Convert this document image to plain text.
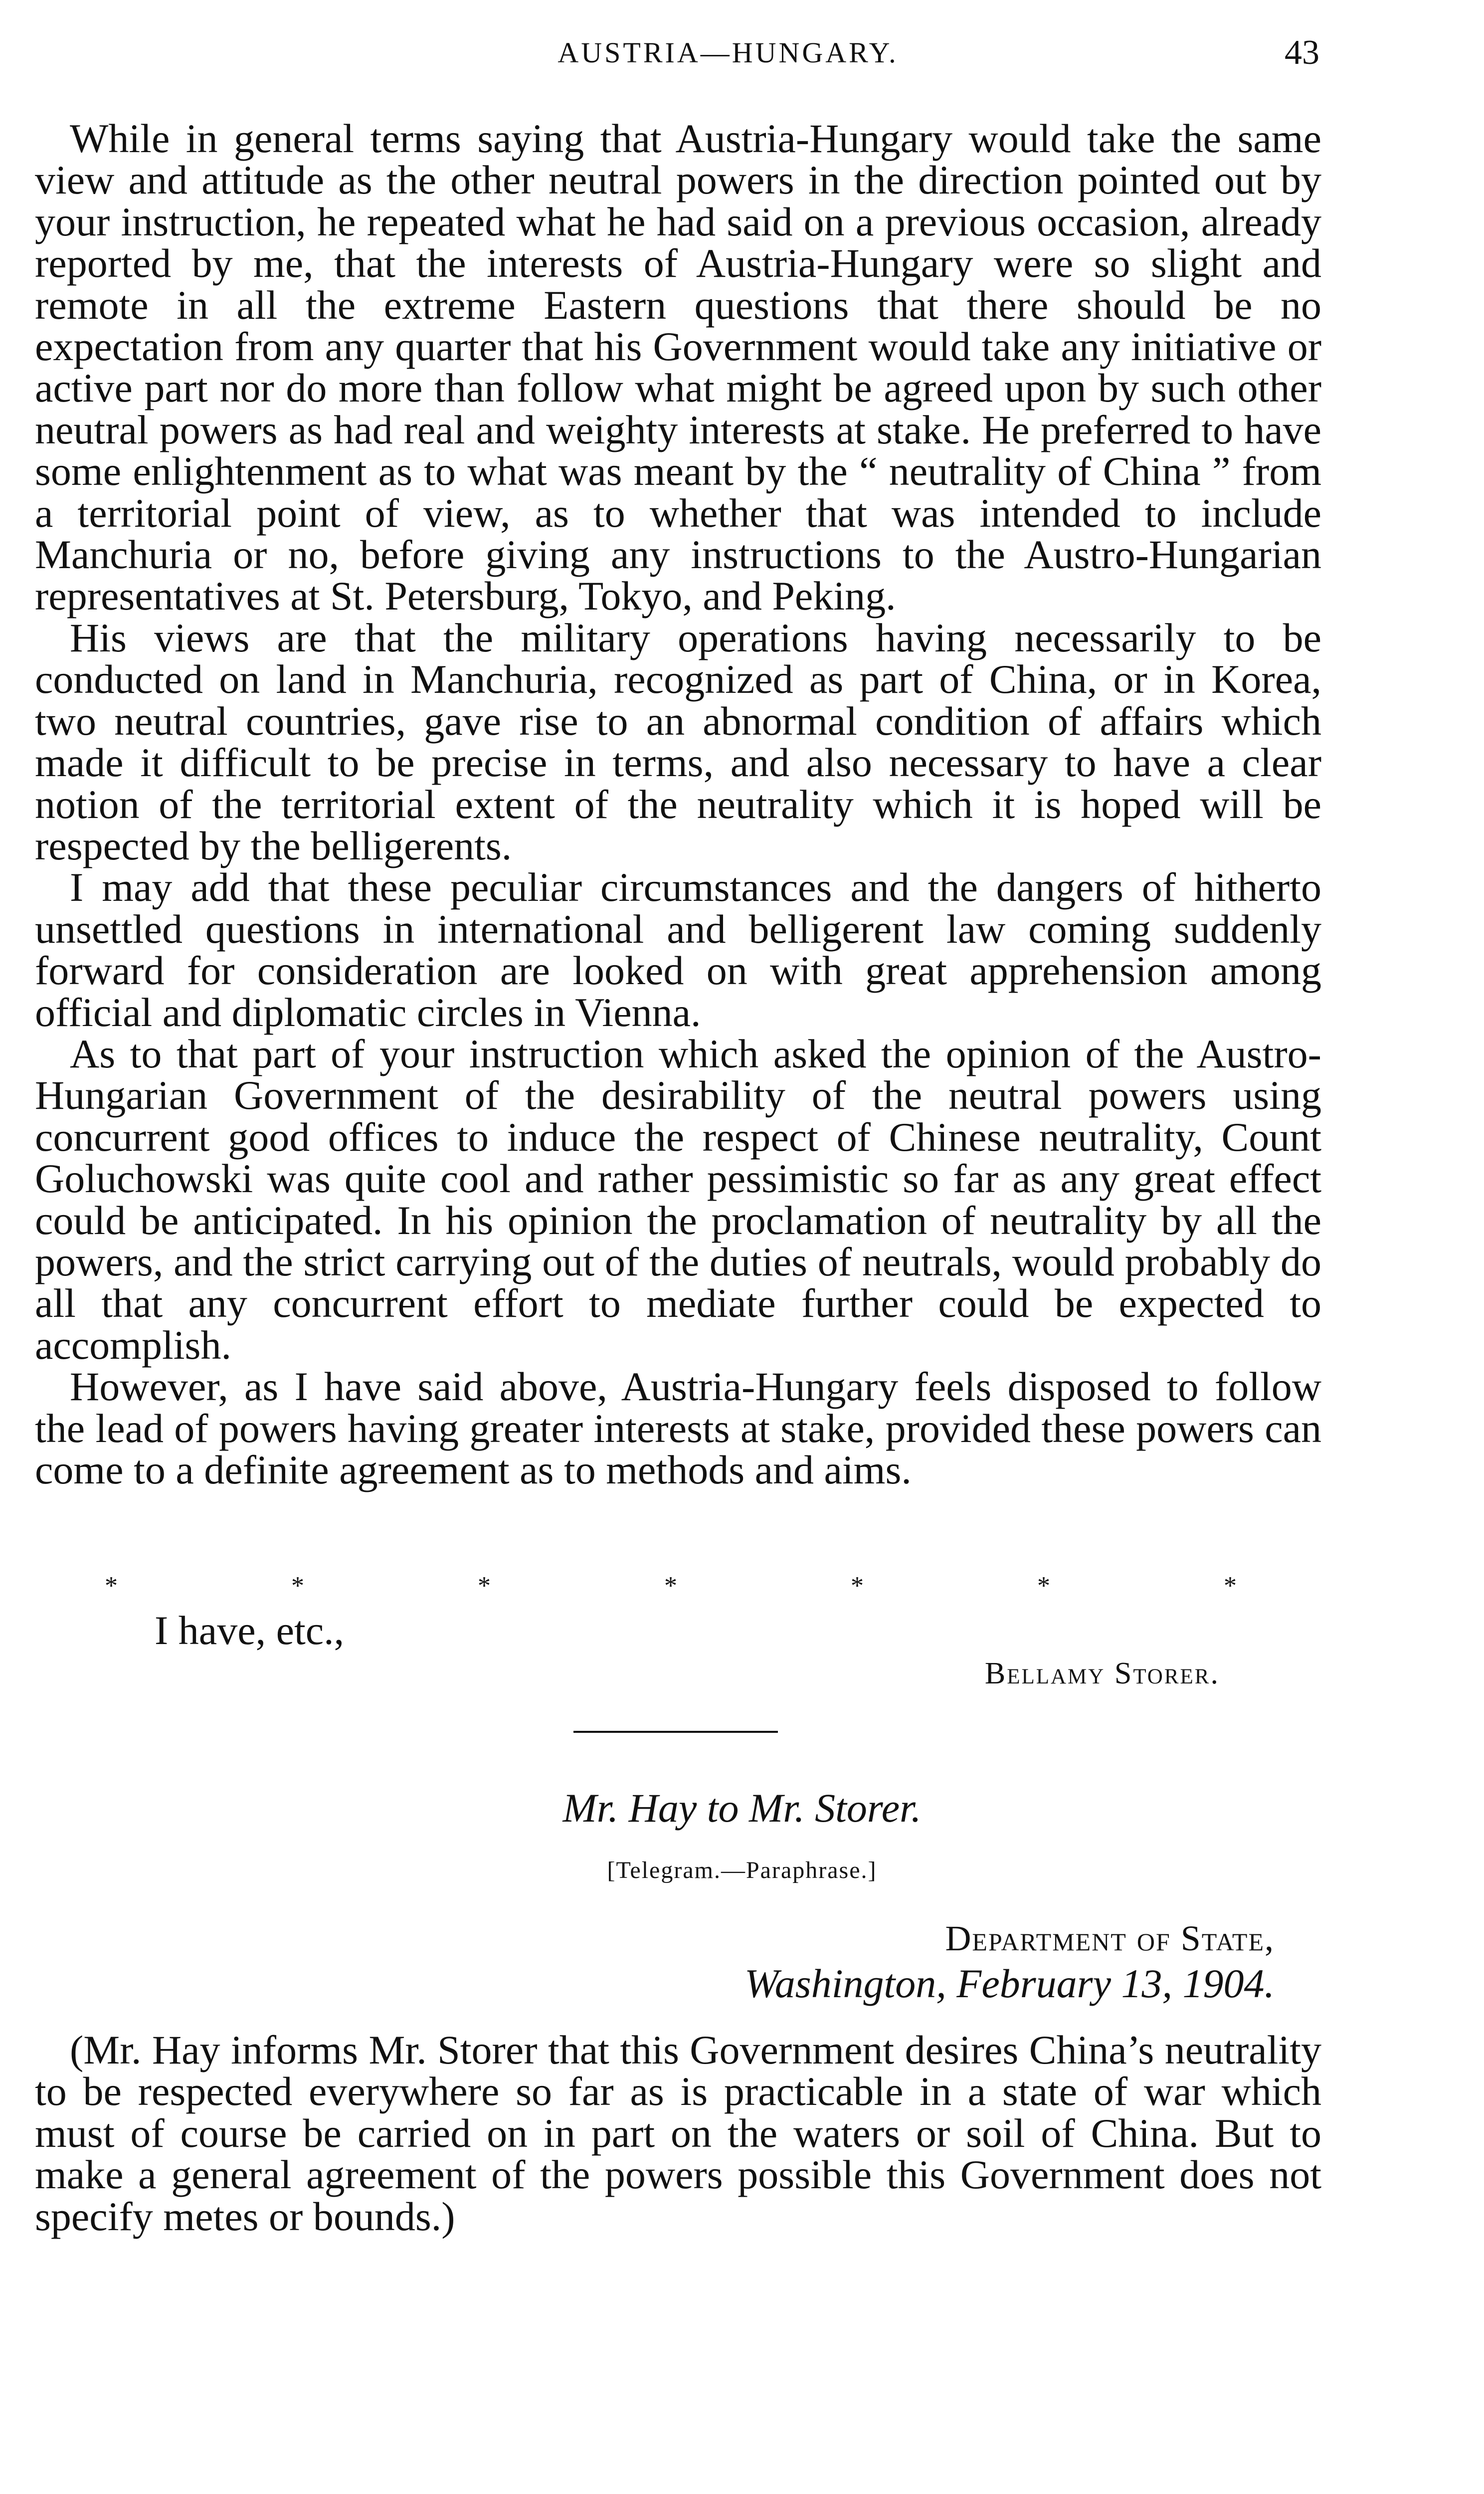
AUSTRIA—HUNGARY.	43

While in general terms saying that Austria-Hungary would take the same view and attitude as the other neutral powers in the direction pointed out by your instruction, he repeated what he had said on a previous occasion, already reported by me, that the interests of Austria-Hungary were so slight and remote in all the extreme Eastern questions that there should be no expectation from any quarter that his Government would take any initiative or active part nor do more than follow what might be agreed upon by such other neutral powers as had real and weighty interests at stake. He preferred to have some enlightenment as to what was meant by the “ neutrality of China ” from a territorial point of view, as to whether that was intended to include Manchuria or no, before giving any instructions to the Austro-Hungarian representatives at St. Petersburg, Tokyo, and Peking.

His views are that the military operations having necessarily to be conducted on land in Manchuria, recognized as part of China, or in Korea, two neutral countries, gave rise to an abnormal condition of affairs which made it difficult to be precise in terms, and also necessary to have a clear notion of the territorial extent of the neutrality which it is hoped will be respected by the belligerents.

I may add that these peculiar circumstances and the dangers of hitherto unsettled questions in international and belligerent law coming suddenly forward for consideration are looked on with great apprehension among official and diplomatic circles in Vienna.

As to that part of your instruction which asked the opinion of the Austro-Hungarian Government of the desirability of the neutral powers using concurrent good offices to induce the respect of Chinese neutrality, Count Goluchowski was quite cool and rather pessimistic so far as any great effect could be anticipated. In his opinion the proclamation of neutrality by all the powers, and the strict carrying out of the duties of neutrals, would probably do all that any concurrent effort to mediate further could be expected to accomplish.

However, as I have said above, Austria-Hungary feels disposed to follow the lead of powers having greater interests at stake, provided these powers can come to a definite agreement as to methods and aims.

*	*	*	*	*	*	*
I have, etc.,
Bellamy Storer.
Mr. Hay to Mr. Storer.
[Telegram.—Paraphrase.]
Department of State,
Washington, February 13, 1904.

(Mr. Hay informs Mr. Storer that this Government desires China’s neutrality to be respected everywhere so far as is practicable in a state of war which must of course be carried on in part on the waters or soil of China. But to make a general agreement of the powers possible this Government does not specify metes or bounds.)
